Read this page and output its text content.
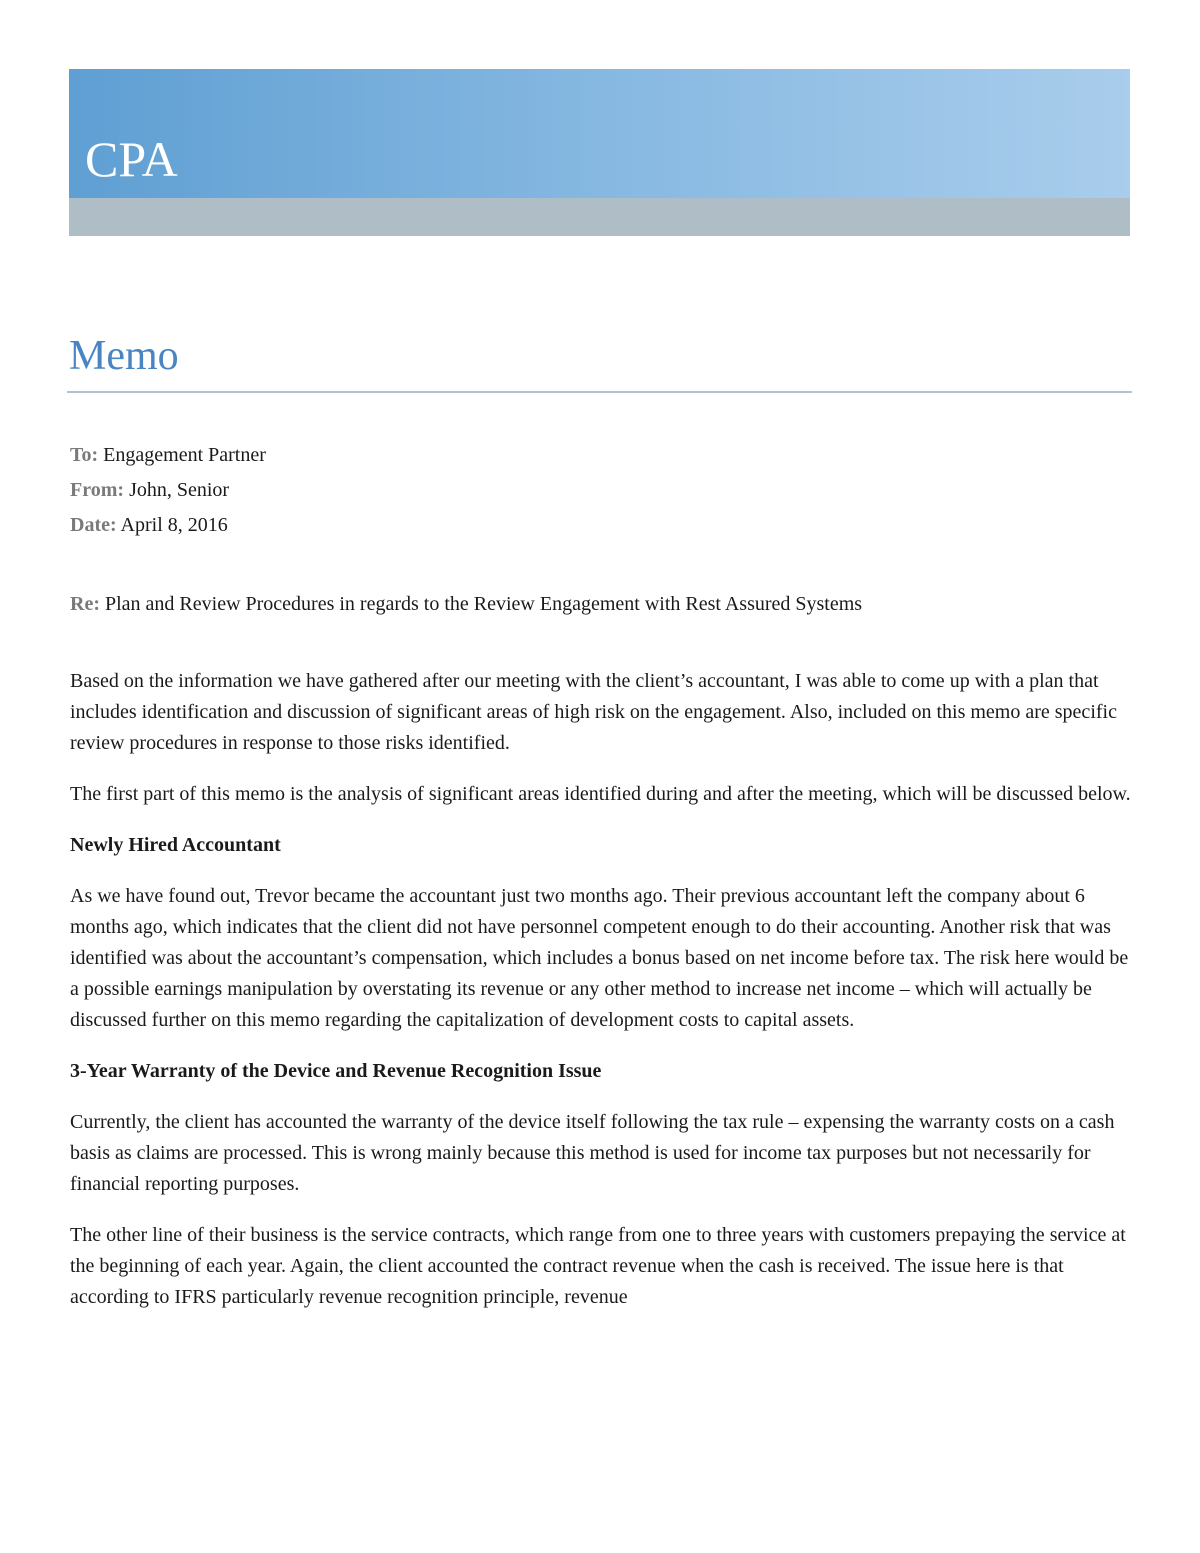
CPA
Memo
To: Engagement Partner
From: John, Senior
Date: April 8, 2016
Re: Plan and Review Procedures in regards to the Review Engagement with Rest Assured Systems

Based on the information we have gathered after our meeting with the client’s accountant, I was able to come up with a plan that includes identification and discussion of significant areas of high risk on the engagement. Also, included on this memo are specific review procedures in response to those risks identified.

The first part of this memo is the analysis of significant areas identified during and after the meeting, which will be discussed below.

Newly Hired Accountant

As we have found out, Trevor became the accountant just two months ago. Their previous accountant left the company about 6 months ago, which indicates that the client did not have personnel competent enough to do their accounting. Another risk that was identified was about the accountant’s compensation, which includes a bonus based on net income before tax. The risk here would be a possible earnings manipulation by overstating its revenue or any other method to increase net income – which will actually be discussed further on this memo regarding the capitalization of development costs to capital assets.

3-Year Warranty of the Device and Revenue Recognition Issue

Currently, the client has accounted the warranty of the device itself following the tax rule – expensing the warranty costs on a cash basis as claims are processed. This is wrong mainly because this method is used for income tax purposes but not necessarily for financial reporting purposes.

The other line of their business is the service contracts, which range from one to three years with customers prepaying the service at the beginning of each year. Again, the client accounted the contract revenue when the cash is received. The issue here is that according to IFRS particularly revenue recognition principle, revenue
